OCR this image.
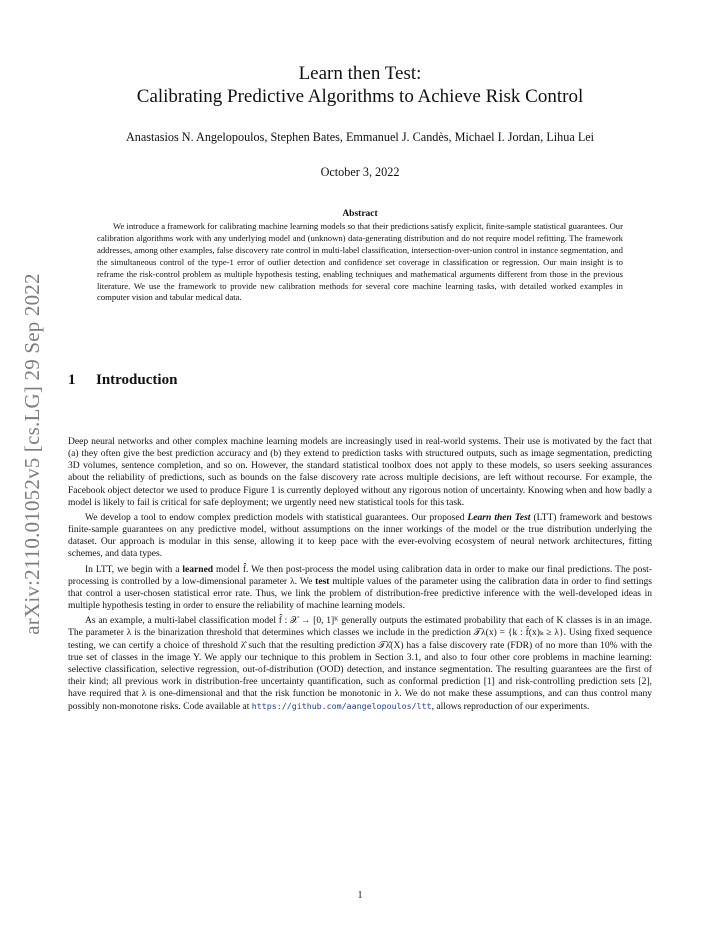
arXiv:2110.01052v5 [cs.LG] 29 Sep 2022

Learn then Test:

Calibrating Predictive Algorithms to Achieve Risk Control

Anastasios N. Angelopoulos, Stephen Bates, Emmanuel J. Candès, Michael I. Jordan, Lihua Lei
October 3, 2022
Abstract

We introduce a framework for calibrating machine learning models so that their predictions satisfy explicit, finite-sample statistical guarantees. Our calibration algorithms work with any underlying model and (unknown) data-generating distribution and do not require model refitting. The framework addresses, among other examples, false discovery rate control in multi-label classification, intersection-over-union control in instance segmentation, and the simultaneous control of the type-1 error of outlier detection and confidence set coverage in classification or regression. Our main insight is to reframe the risk-control problem as multiple hypothesis testing, enabling techniques and mathematical arguments different from those in the previous literature. We use the framework to provide new calibration methods for several core machine learning tasks, with detailed worked examples in computer vision and tabular medical data.

1 Introduction

Deep neural networks and other complex machine learning models are increasingly used in real-world systems. Their use is motivated by the fact that (a) they often give the best prediction accuracy and (b) they extend to prediction tasks with structured outputs, such as image segmentation, predicting 3D volumes, sentence completion, and so on. However, the standard statistical toolbox does not apply to these models, so users seeking assurances about the reliability of predictions, such as bounds on the false discovery rate across multiple decisions, are left without recourse. For example, the Facebook object detector we used to produce Figure 1 is currently deployed without any rigorous notion of uncertainty. Knowing when and how badly a model is likely to fail is critical for safe deployment; we urgently need new statistical tools for this task.

We develop a tool to endow complex prediction models with statistical guarantees. Our proposed Learn then Test (LTT) framework and bestows finite-sample guarantees on any predictive model, without assumptions on the inner workings of the model or the true distribution underlying the dataset. Our approach is modular in this sense, allowing it to keep pace with the ever-evolving ecosystem of neural network architectures, fitting schemes, and data types.

In LTT, we begin with a learned model f̂. We then post-process the model using calibration data in order to make our final predictions. The post-processing is controlled by a low-dimensional parameter λ. We test multiple values of the parameter using the calibration data in order to find settings that control a user-chosen statistical error rate. Thus, we link the problem of distribution-free predictive inference with the well-developed ideas in multiple hypothesis testing in order to ensure the reliability of machine learning models.

As an example, a multi-label classification model f̂ : 𝒳 → [0, 1]ᴷ generally outputs the estimated probability that each of K classes is in an image. The parameter λ is the binarization threshold that determines which classes we include in the prediction 𝒯λ(x) = {k : f̂(x)ₖ ≥ λ}. Using fixed sequence testing, we can certify a choice of threshold λ̂ such that the resulting prediction 𝒯λ̂(X) has a false discovery rate (FDR) of no more than 10% with the true set of classes in the image Y. We apply our technique to this problem in Section 3.1, and also to four other core problems in machine learning: selective classification, selective regression, out-of-distribution (OOD) detection, and instance segmentation. The resulting guarantees are the first of their kind; all previous work in distribution-free uncertainty quantification, such as conformal prediction [1] and risk-controlling prediction sets [2], have required that λ is one-dimensional and that the risk function be monotonic in λ. We do not make these assumptions, and can thus control many possibly non-monotone risks. Code available at https://github.com/aangelopoulos/ltt, allows reproduction of our experiments.

1
